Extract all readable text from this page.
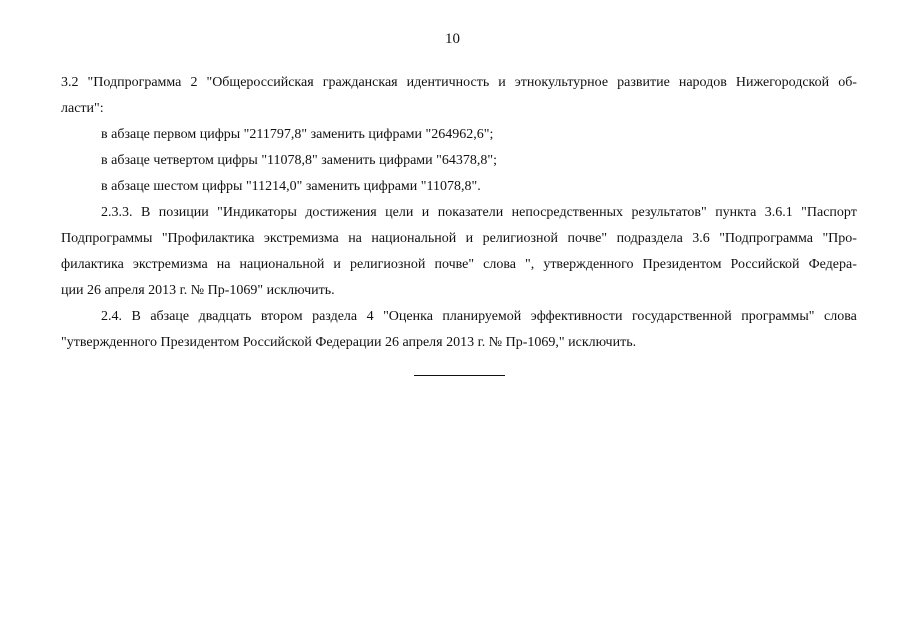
10
3.2 "Подпрограмма 2 "Общероссийская гражданская идентичность и этнокультурное развитие народов Нижегородской об-
ласти":
в абзаце первом цифры "211797,8" заменить цифрами "264962,6";
в абзаце четвертом цифры "11078,8" заменить цифрами "64378,8";
в абзаце шестом цифры "11214,0" заменить цифрами "11078,8".
2.3.3. В позиции "Индикаторы достижения цели и показатели непосредственных результатов" пункта 3.6.1 "Паспорт
Подпрограммы "Профилактика экстремизма на национальной и религиозной почве" подраздела 3.6 "Подпрограмма "Про-
филактика экстремизма на национальной и религиозной почве" слова ", утвержденного Президентом Российской Федера-
ции 26 апреля 2013 г. № Пр-1069" исключить.
2.4. В абзаце двадцать втором раздела 4 "Оценка планируемой эффективности государственной программы" слова
"утвержденного Президентом Российской Федерации 26 апреля 2013 г. № Пр-1069," исключить.
